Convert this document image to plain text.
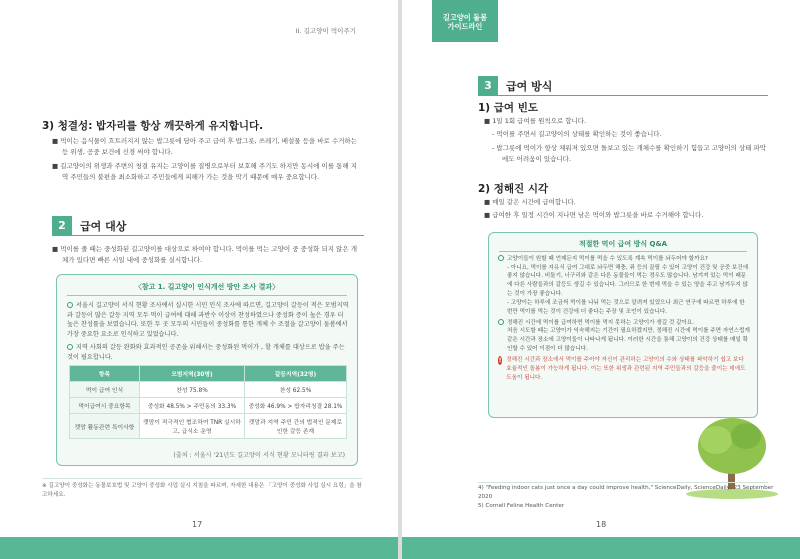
II. 길고양이 먹이주기
3) 청결성: 밥자리를 항상 깨끗하게 유지합니다.

■ 먹이는 음식물이 흐트러지지 않는 밥그릇에 담아 주고 급여 후 밥그릇, 쓰레기, 배설물 등을 바로 수거하는 등 위생, 공중 보건에 신경 써야 합니다.

■ 길고양이의 위생과 주변의 청결 유지는 고양이를 질병으로부터 보호해 주기도 하지만 동시에 이를 통해 지역 주민들의 불편을 최소화하고 주민들에게 피해가 가는 것을 막기 때문에 매우 중요합니다.

2	급여 대상

■ 먹이를 줄 때는 중성화된 길고양이를 대상으로 하여야 합니다. 먹이를 먹는 고양이 중 중성화 되지 않은 개체가 있다면 빠른 시일 내에 중성화를 실시합니다.

〈참고 1. 길고양이 인식개선 방안 조사 결과〉
서울시 길고양이 서식 현황 조사에서 실시한 시민 인식 조사에 따르면, 길고양이 갈등이 적은 모범지역과 갈등이 많은 갈등 지역 모두 먹이 급여에 대해 과반수 이상이 찬성하였으나 중성화 증이 높은 경우 더 높은 찬성률을 보였습니다. 또한 두 곳 모두의 시민들이 중성화를 통한 개체 수 조절을 갈고양이 돌봄에서 가장 중요한 요소로 인식하고 있었습니다.
지역 사회의 갈등 완화와 효과적인 공존을 위해서는 중성화된 먹이가 , 할 개체를 대상으로 밥을 주는 것이 필요합니다.
항목	모범지역(30명)	갈등지역(32명)
먹이 급여 인식	찬성 75.8%	찬성 62.5%
먹이급여시 중요항목	중성화 48.5% > 주민동의 33.3%	중성화 46.9% > 밥자리청결 28.1%
캣맘 활동관련 특이사항	캣맘이 적극적인 협조하여 TNR 실시하고, 급식소 운영	캣맘과 지역 주민 간의 법적인 문제로 인한 갈등 존재
(출처 : 서울시 '21년도 길고양이 서식 현황 모니터링 결과 보고)
※ 길고양이 중성화는 동물보호법 및 고양이 중성화 사업 실시 지침을 따르며, 자세한 내용은 「고양이 중성화 사업 실시 요령」을 참고하세요.
17
길고양이 돌봄
가이드라인
3	급여 방식
1) 급여 빈도

■ 1일 1회 급여를 원칙으로 합니다.

- 먹이를 주면서 길고양이의 상태를 확인하는 것이 좋습니다.

- 밥그릇에 먹이가 항상 채워져 있으면 돌보고 있는 개체수를 확인하기 힘들고 고양이의 상태 파악에도 어려움이 있습니다.

2) 정해진 시각

■ 매일 같은 시간에 급여합니다.

■ 급여한 후 일정 시간이 지나면 남은 먹이와 밥그릇을 바로 수거해야 합니다.

적절한 먹이 급여 방식 Q&A
고양이들이 원할 때 언제든지 먹이를 먹을 수 있도록 계속 먹이를 놔두어야 할까요?
- 아니요, 먹이를 자유식 급여 그대로 놔두면 해충, 쥐 등의 끌릴 수 있어 고양이 건강 및 공중 보건에 좋지 않습니다. 비둘기, 너구리와 같은 다른 동물들이 먹는 경우도 많습니다. 남겨져 있는 먹이 때문에 다른 사람들과의 갈등도 생길 수 있습니다. 그러므로 한 번에 먹을 수 있는 양을 주고 남겨두지 않는 것이 가장 좋습니다.
- 고양이는 하루에 조금씩 먹이를 나눠 먹는 것으로 알려져 있었으나 최근 연구에 따르면 하루에 한 번만 먹이를 먹는 것이 건강에 더 좋다는 주장 및 조언이 있습니다.
정해진 시간에 먹이를 급여하면 먹이를 먹지 못하는 고양이가 생길 것 같아요.
처음 시도할 때는 고양이가 익숙해지는 기간이 필요하겠지만, 정해진 시간에 먹이를 주면 자연스럽게 같은 시간과 장소에 고양이들이 나타나게 됩니다. 이러한 시간을 통해 고양이의 건강 상태를 매일 확인할 수 있어 이점이 더 많습니다.
! 정해진 시간과 장소에서 먹이를 주어야 자신이 관리하는 고양이의 수와 상태를 파악하기 쉽고 보다 효율적인 돌봄이 가능하게 됩니다. 이는 또한 위생과 관련된 지역 주민들과의 갈등을 줄이는 데에도 도움이 됩니다.
4) "Feeding indoor cats just once a day could improve health," ScienceDaily, ScienceDaily, 23 September 2020
5) Cornell Feline Health Center
18
